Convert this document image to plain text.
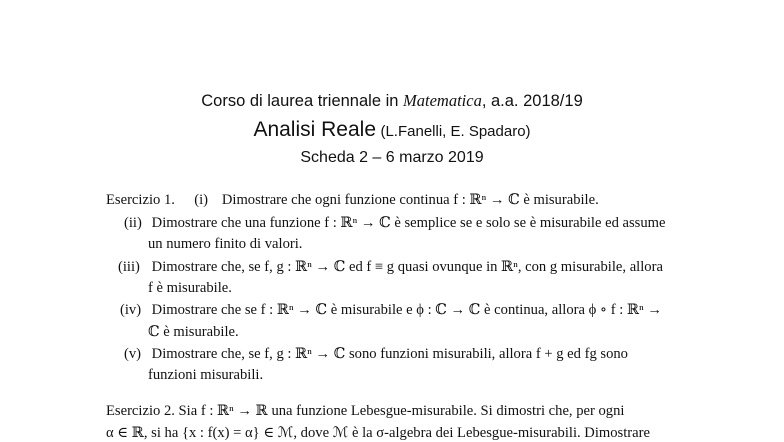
Corso di laurea triennale in Matematica, a.a. 2018/19
Analisi Reale (L.Fanelli, E. Spadaro)
Scheda 2 – 6 marzo 2019
Esercizio 1. (i) Dimostrare che ogni funzione continua f : ℝⁿ → ℂ è misurabile.
(ii) Dimostrare che una funzione f : ℝⁿ → ℂ è semplice se e solo se è misurabile ed assume
un numero finito di valori.
(iii) Dimostrare che, se f, g : ℝⁿ → ℂ ed f ≡ g quasi ovunque in ℝⁿ, con g misurabile, allora
f è misurabile.
(iv) Dimostrare che se f : ℝⁿ → ℂ è misurabile e ϕ : ℂ → ℂ è continua, allora ϕ ∘ f : ℝⁿ →
ℂ è misurabile.
(v) Dimostrare che, se f, g : ℝⁿ → ℂ sono funzioni misurabili, allora f + g ed fg sono
funzioni misurabili.
Esercizio 2. Sia f : ℝⁿ → ℝ una funzione Lebesgue-misurabile. Si dimostri che, per ogni
α ∈ ℝ, si ha {x : f(x) = α} ∈ ℳ, dove ℳ è la σ-algebra dei Lebesgue-misurabili. Dimostrare
